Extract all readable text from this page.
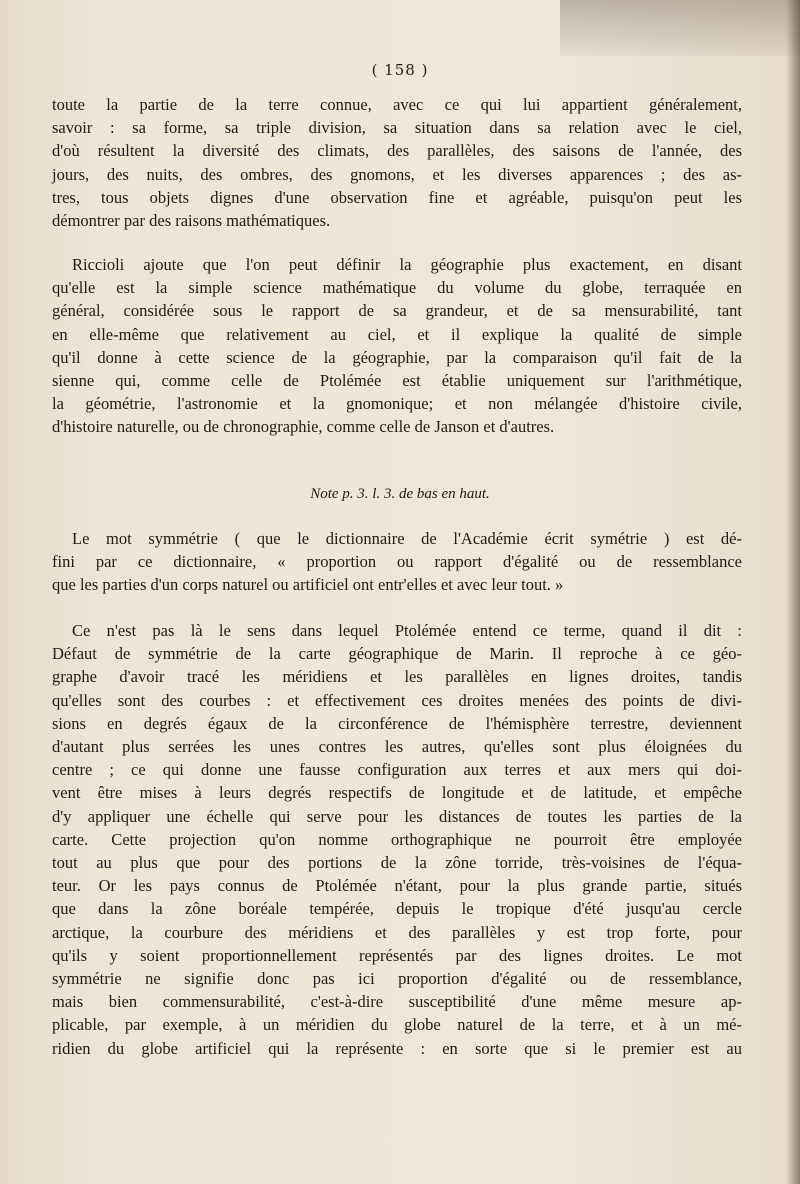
( 158 )
toute la partie de la terre connue, avec ce qui lui appartient généralement,
savoir : sa forme, sa triple division, sa situation dans sa relation avec le ciel,
d'où résultent la diversité des climats, des parallèles, des saisons de l'année, des
jours, des nuits, des ombres, des gnomons, et les diverses apparences ; des as-
tres, tous objets dignes d'une observation fine et agréable, puisqu'on peut les
démontrer par des raisons mathématiques.
Riccioli ajoute que l'on peut définir la géographie plus exactement, en disant
qu'elle est la simple science mathématique du volume du globe, terraquée en
général, considérée sous le rapport de sa grandeur, et de sa mensurabilité, tant
en elle-même que relativement au ciel, et il explique la qualité de simple
qu'il donne à cette science de la géographie, par la comparaison qu'il fait de la
sienne qui, comme celle de Ptolémée est établie uniquement sur l'arithmétique,
la géométrie, l'astronomie et la gnomonique; et non mélangée d'histoire civile,
d'histoire naturelle, ou de chronographie, comme celle de Janson et d'autres.
Note p. 3. l. 3. de bas en haut.
Le mot symmétrie ( que le dictionnaire de l'Académie écrit symétrie ) est dé-
fini par ce dictionnaire, « proportion ou rapport d'égalité ou de ressemblance
que les parties d'un corps naturel ou artificiel ont entr'elles et avec leur tout. »
Ce n'est pas là le sens dans lequel Ptolémée entend ce terme, quand il dit :
Défaut de symmétrie de la carte géographique de Marin. Il reproche à ce géo-
graphe d'avoir tracé les méridiens et les parallèles en lignes droites, tandis
qu'elles sont des courbes : et effectivement ces droites menées des points de divi-
sions en degrés égaux de la circonférence de l'hémisphère terrestre, deviennent
d'autant plus serrées les unes contres les autres, qu'elles sont plus éloignées du
centre ; ce qui donne une fausse configuration aux terres et aux mers qui doi-
vent être mises à leurs degrés respectifs de longitude et de latitude, et empêche
d'y appliquer une échelle qui serve pour les distances de toutes les parties de la
carte. Cette projection qu'on nomme orthographique ne pourroit être employée
tout au plus que pour des portions de la zône torride, très-voisines de l'équa-
teur. Or les pays connus de Ptolémée n'étant, pour la plus grande partie, situés
que dans la zône boréale tempérée, depuis le tropique d'été jusqu'au cercle
arctique, la courbure des méridiens et des parallèles y est trop forte, pour
qu'ils y soient proportionnellement représentés par des lignes droites. Le mot
symmétrie ne signifie donc pas ici proportion d'égalité ou de ressemblance,
mais bien commensurabilité, c'est-à-dire susceptibilité d'une même mesure ap-
plicable, par exemple, à un méridien du globe naturel de la terre, et à un mé-
ridien du globe artificiel qui la représente : en sorte que si le premier est au
